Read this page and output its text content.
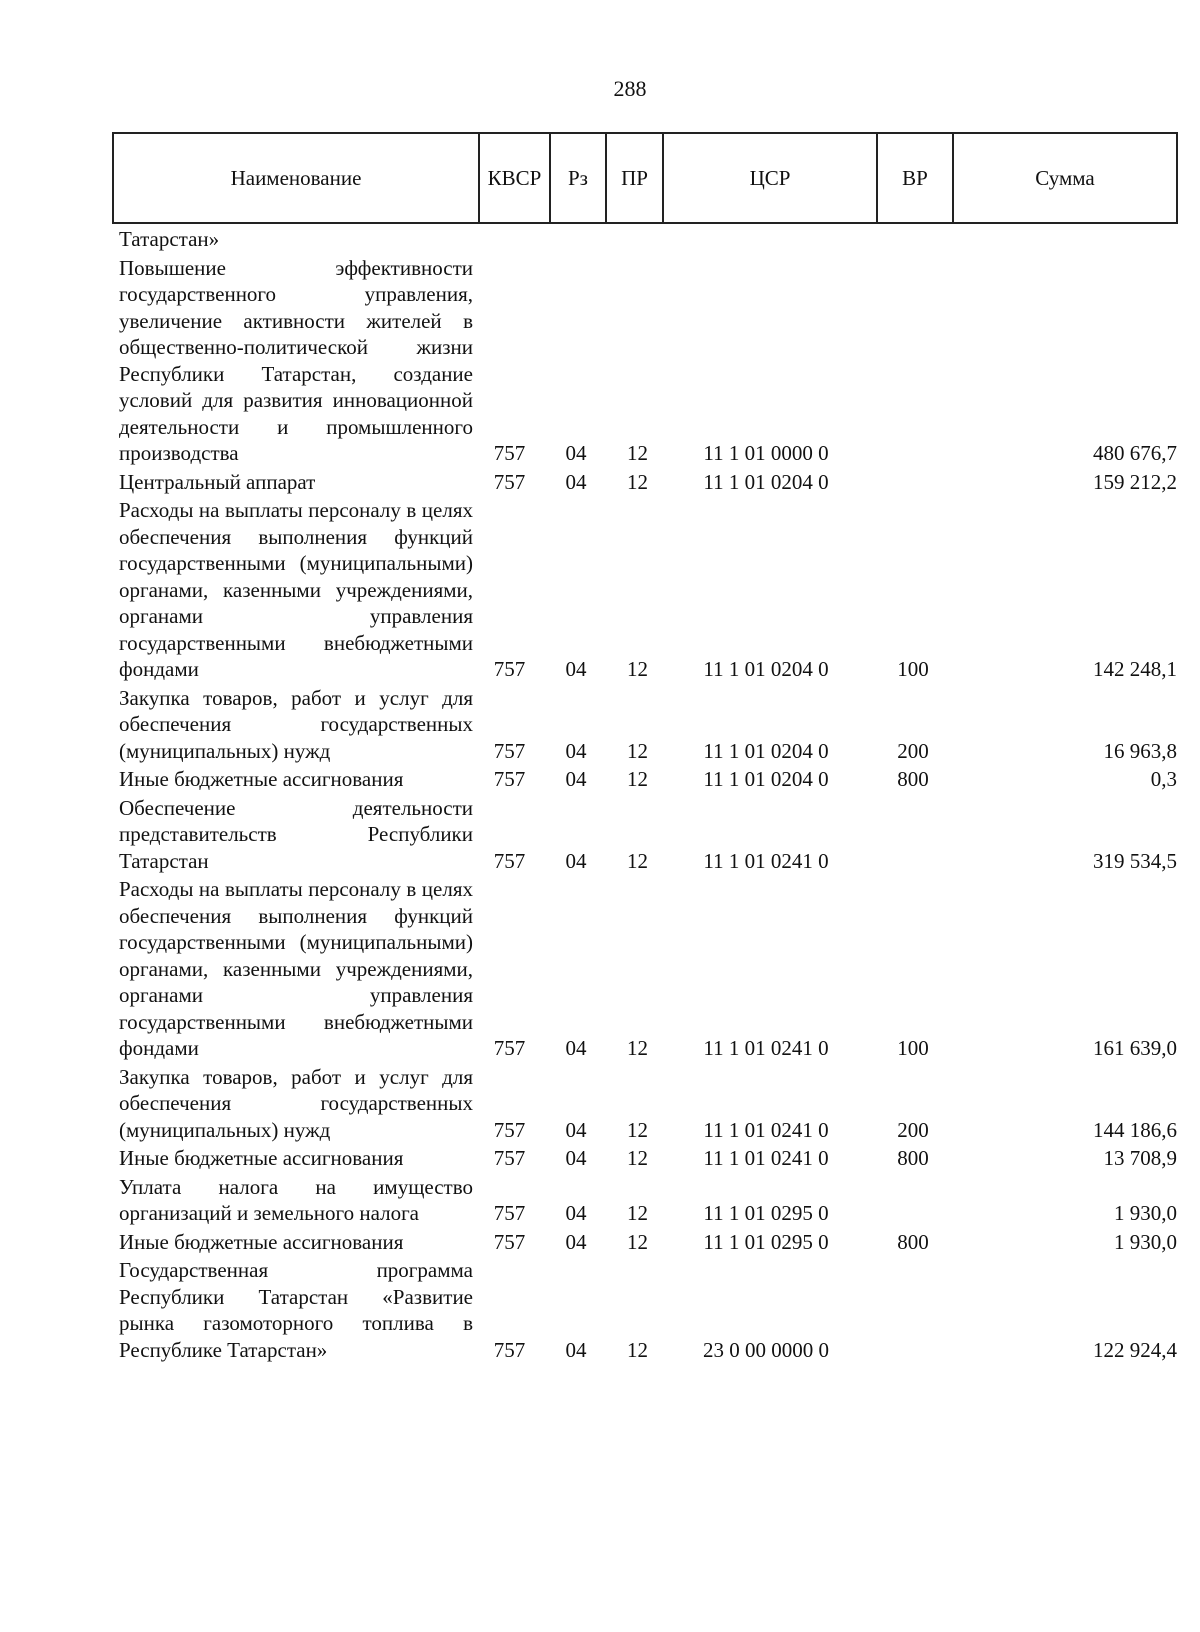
288
Наименование	КВСР	Рз	ПР	ЦСР	ВР	Сумма
Татарстан»						
Повышение эффективности государственного управления, увеличение активности жителей в общественно-политической жизни Республики Татарстан, создание условий для развития инновационной деятельности и промышленного производства	757	04	12	11 1 01 0000 0		480 676,7
Центральный аппарат	757	04	12	11 1 01 0204 0		159 212,2
Расходы на выплаты персоналу в целях обеспечения выполнения функций государственными (муниципальными) органами, казенными учреждениями, органами управления государственными внебюджетными фондами	757	04	12	11 1 01 0204 0	100	142 248,1
Закупка товаров, работ и услуг для обеспечения государственных (муниципальных) нужд	757	04	12	11 1 01 0204 0	200	16 963,8
Иные бюджетные ассигнования	757	04	12	11 1 01 0204 0	800	0,3
Обеспечение деятельности представительств Республики Татарстан	757	04	12	11 1 01 0241 0		319 534,5
Расходы на выплаты персоналу в целях обеспечения выполнения функций государственными (муниципальными) органами, казенными учреждениями, органами управления государственными внебюджетными фондами	757	04	12	11 1 01 0241 0	100	161 639,0
Закупка товаров, работ и услуг для обеспечения государственных (муниципальных) нужд	757	04	12	11 1 01 0241 0	200	144 186,6
Иные бюджетные ассигнования	757	04	12	11 1 01 0241 0	800	13 708,9
Уплата налога на имущество организаций и земельного налога	757	04	12	11 1 01 0295 0		1 930,0
Иные бюджетные ассигнования	757	04	12	11 1 01 0295 0	800	1 930,0
Государственная программа Республики Татарстан «Развитие рынка газомоторного топлива в Республике Татарстан»	757	04	12	23 0 00 0000 0		122 924,4
